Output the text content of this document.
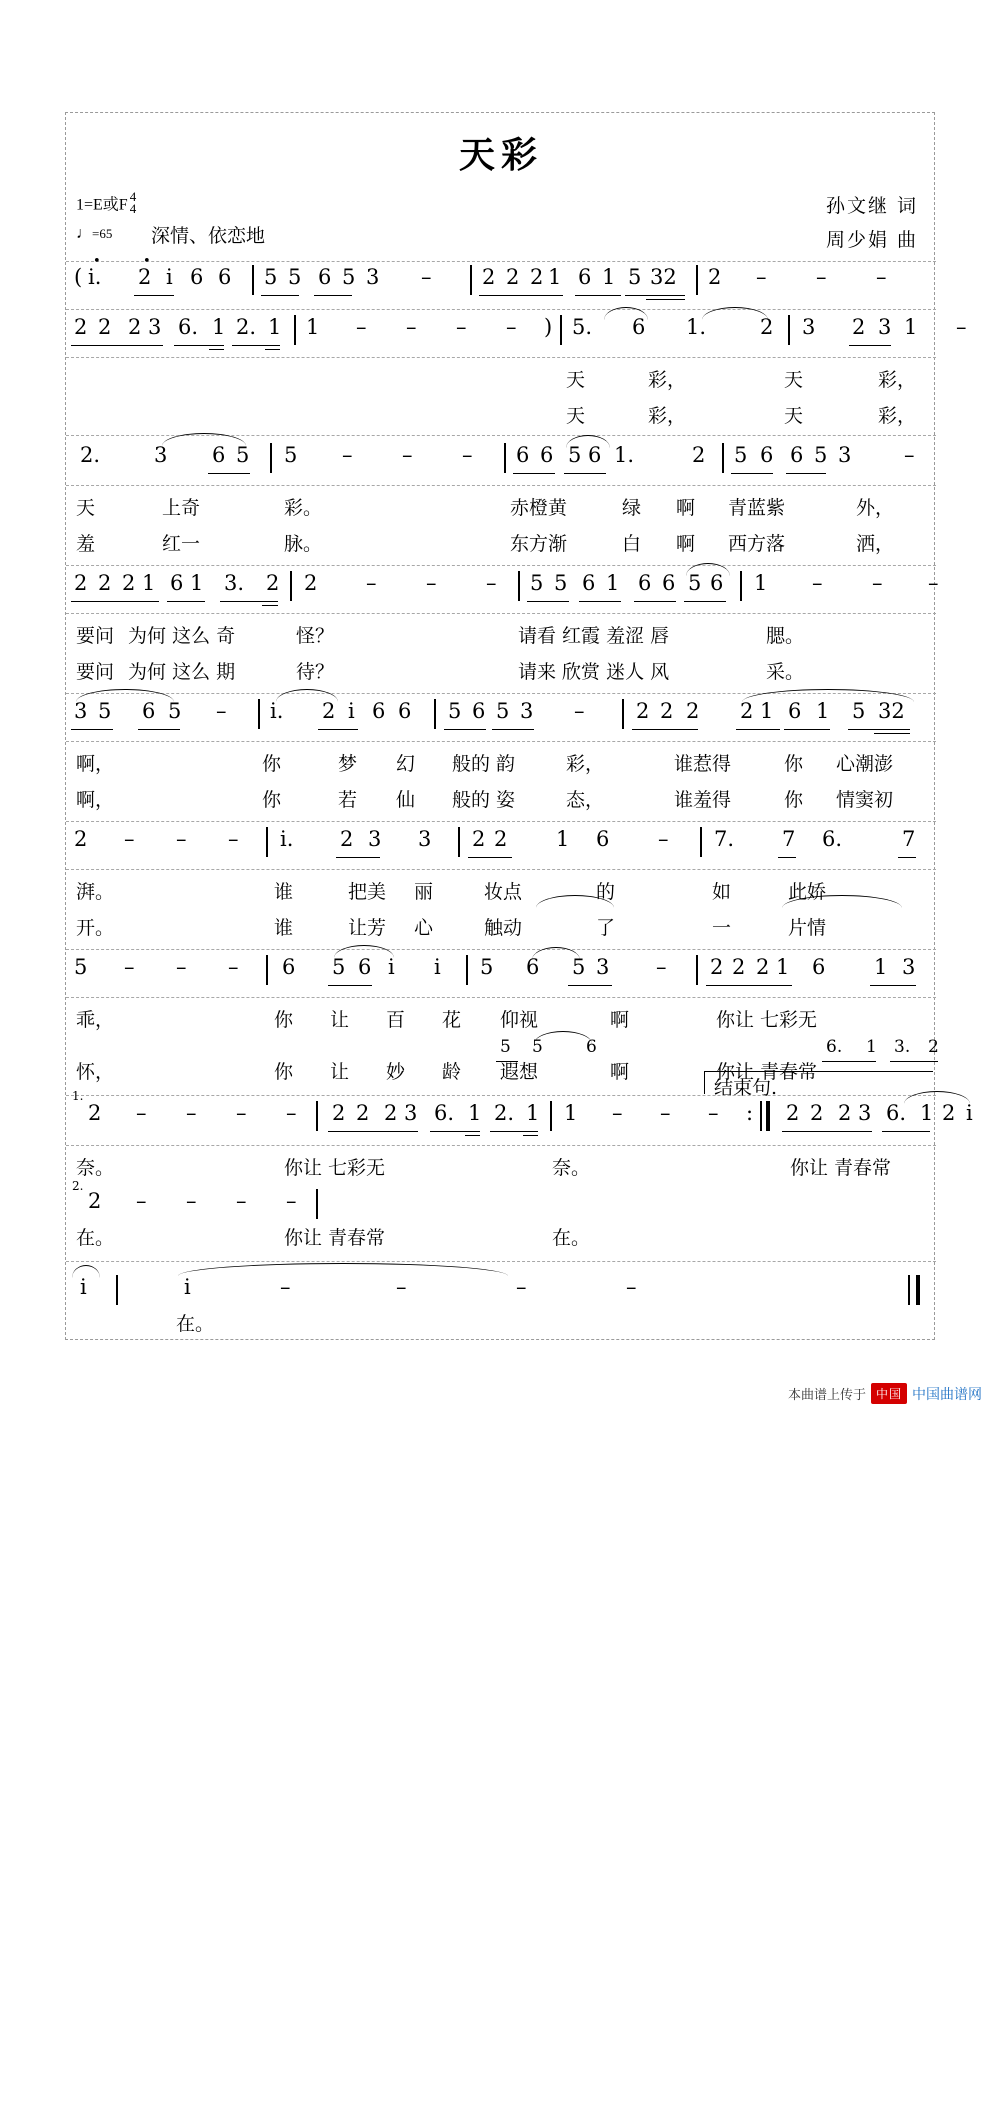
天彩
1=E或F 4
4
♩=65 深情、依恋地
孙文继 词
周少娟 曲

(

i.

•

2

•

i

6

6

5

5

6

5

3

–

2

2

2

1

6

1

5

32

2

–

–

–

2

2

2

3

6.

1

2.

1

1

–

–

–

–

)

5.

6

1.

	2

3

2

3

1

–

天

	彩，

	天

	彩，

天

	彩，

	天

	彩，

2.

	3

6

5

5

–

–

–

6

6

5

6

1.

	2

5

6

6

5

3

	–

天

	上奇

	彩。

	赤橙黄

	绿

啊

青蓝紫

	外，

羞

	红一

	脉。

	东方渐

	白

啊

西方落

	洒，

2

2

2

1

6

1

3.

2

2

–

–

–

5

5

6

1

6

6

5

6

1

–

–

–

要问

为何 这么 奇

	怪？

	请看 红霞 羞涩 唇

	腮。

要问

为何 这么 期

	待？

	请来 欣赏 迷人 风

	采。

3

5

6

5

–

i.

2

i

6

6

5

6

5

3

–

2

2

2

2

1

6

1

5

32

啊，

	你

	梦

幻

般的 韵

	彩，

	谁惹得

	你

心潮澎

啊，

	你

	若

仙

般的 姿

	态，

	谁羞得

	你

情窦初

2

–

–

–

i.

2

3

3

2

2

1

6

–

7.

7

6.

	7

湃。

	谁

	把美

丽

	妆点

	的

	如

	此娇

开。

	谁

	让芳

心

	触动

	了

	一

	片情

5

–

–

–

6

5

6

i

i

5

6

5

3

–

2

2

2

1

6

1

3

乖，

	你

让

百

花

仰视

	啊

	你让 七彩无

5

5

	6

	6.

1

3.

2

怀，

	你

让

妙

龄

遐想

	啊

	你让 青春常

结束句.

1.

2

–

–

–

–

2

2

2

3

6.

1

2.

1

1

–

–

–

:

2

2

2

3

6.

1

2

i

奈。

	你让 七彩无

	奈。

	你让 青春常

2.

2

–

–

–

–

在。

	你让 青春常

	在。

i

	i

	–

	–

	–

	–

在。

本曲谱上传于 中国 中国曲谱网
